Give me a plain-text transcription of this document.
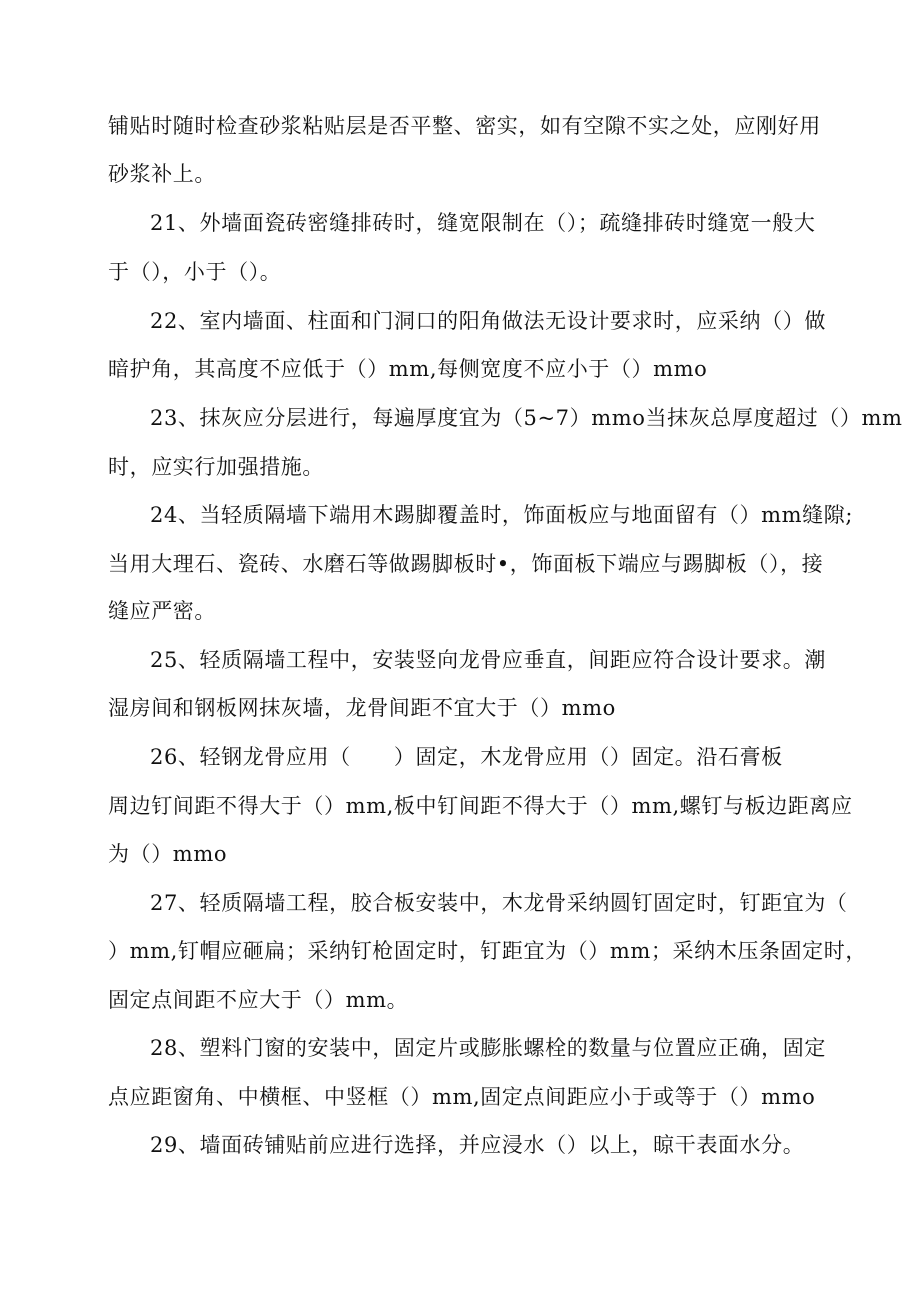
铺贴时随时检查砂浆粘贴层是否平整、密实，如有空隙不实之处，应刚好用
砂浆补上。
21、外墙面瓷砖密缝排砖时，缝宽限制在（）；疏缝排砖时缝宽一般大
于（），小于（）。
22、室内墙面、柱面和门洞口的阳角做法无设计要求时，应采纳（）做
暗护角，其高度不应低于（）mm,每侧宽度不应小于（）mmo
23、抹灰应分层进行，每遍厚度宜为（5~7）mmo当抹灰总厚度超过（）mm
时，应实行加强措施。
24、当轻质隔墙下端用木踢脚覆盖时，饰面板应与地面留有（）mm缝隙;
当用大理石、瓷砖、水磨石等做踢脚板时•，饰面板下端应与踢脚板（），接
缝应严密。
25、轻质隔墙工程中，安装竖向龙骨应垂直，间距应符合设计要求。潮
湿房间和钢板网抹灰墙，龙骨间距不宜大于（）mmo
26、轻钢龙骨应用（　　）固定，木龙骨应用（）固定。沿石膏板
周边钉间距不得大于（）mm,板中钉间距不得大于（）mm,螺钉与板边距离应
为（）mmo
27、轻质隔墙工程，胶合板安装中，木龙骨采纳圆钉固定时，钉距宜为（
）mm,钉帽应砸扁；采纳钉枪固定时，钉距宜为（）mm；采纳木压条固定时，
固定点间距不应大于（）mm。
28、塑料门窗的安装中，固定片或膨胀螺栓的数量与位置应正确，固定
点应距窗角、中横框、中竖框（）mm,固定点间距应小于或等于（）mmo
29、墙面砖铺贴前应进行选择，并应浸水（）以上，晾干表面水分。
